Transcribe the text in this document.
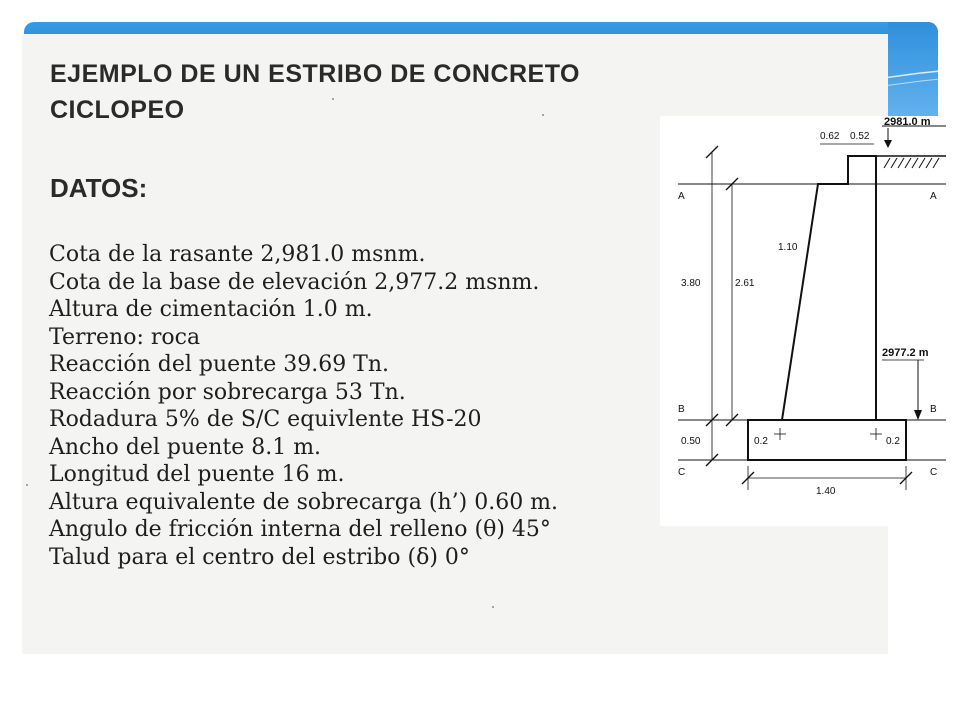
EJEMPLO DE UN ESTRIBO DE CONCRETO
CICLOPEO
DATOS:
Cota de la rasante 2,981.0 msnm.
Cota de la base de elevación 2,977.2 msnm.
Altura de cimentación 1.0 m.
Terreno: roca
Reacción del puente 39.69 Tn.
Reacción por sobrecarga 53 Tn.
Rodadura 5% de S/C equivlente HS-20
Ancho del puente 8.1 m.
Longitud del puente 16 m.
Altura equivalente de sobrecarga (h’) 0.60 m.
Angulo de fricción interna del relleno (θ) 45°
Talud para el centro del estribo (δ) 0°
A	A
B	B
C	C
2981.0 m
0.62 0.52
1.10
0.2	0.2
2977.2 m
3.80
0.50
2.61
1.40
